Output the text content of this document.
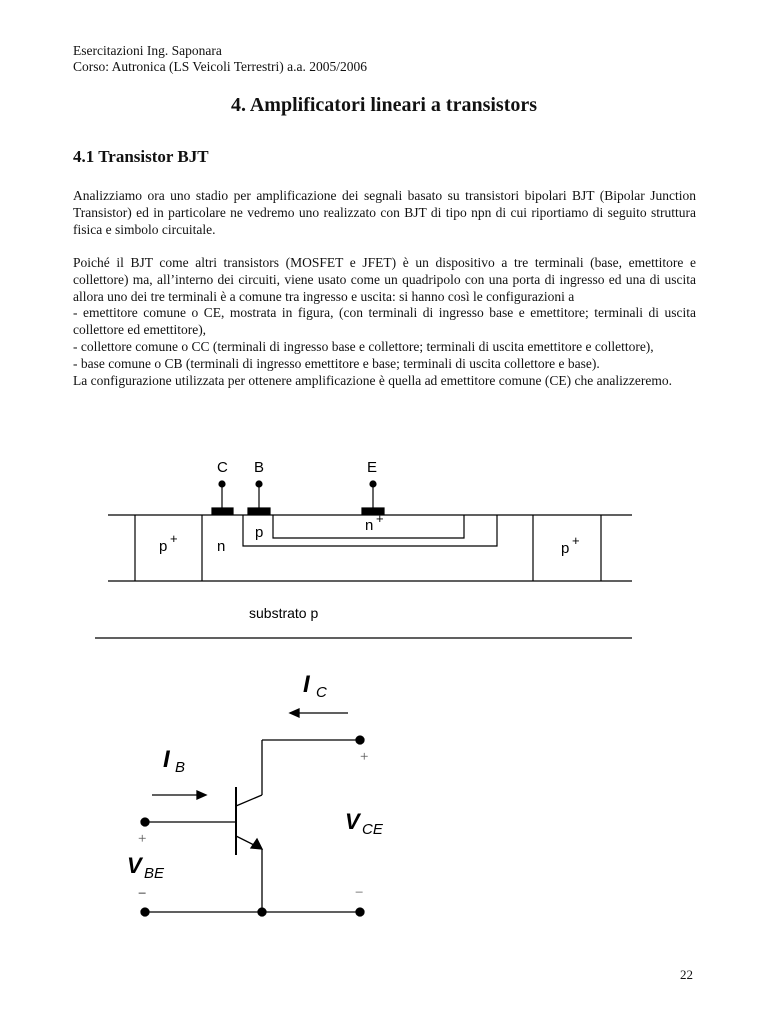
Esercitazioni Ing. Saponara
Corso: Autronica (LS Veicoli Terrestri) a.a. 2005/2006
4. Amplificatori lineari a transistors
4.1 Transistor BJT

Analizziamo ora uno stadio per amplificazione dei segnali basato su transistori bipolari BJT (Bipolar Junction Transistor) ed in particolare ne vedremo uno realizzato con BJT di tipo npn di cui riportiamo di seguito struttura fisica e simbolo circuitale.

Poiché il BJT come altri transistors (MOSFET e JFET) è un dispositivo a tre terminali (base, emettitore e collettore) ma, all’interno dei circuiti, viene usato come un quadripolo con una porta di ingresso ed una di uscita allora uno dei tre terminali è a comune tra ingresso e uscita: si hanno così le configurazioni a

- emettitore comune o CE, mostrata in figura, (con terminali di ingresso base e emettitore; terminali di uscita collettore ed emettitore),

- collettore comune o CC (terminali di ingresso base e collettore; terminali di uscita emettitore e collettore),

- base comune o CB (terminali di ingresso emettitore e base; terminali di uscita collettore e base).

La configurazione utilizzata per ottenere amplificazione è quella ad emettitore comune (CE) che analizzeremo.

C B	E
p +	n
p	n +
p +
substrato p
I C
I B
V CE
V BE
+
+
−
−
22
